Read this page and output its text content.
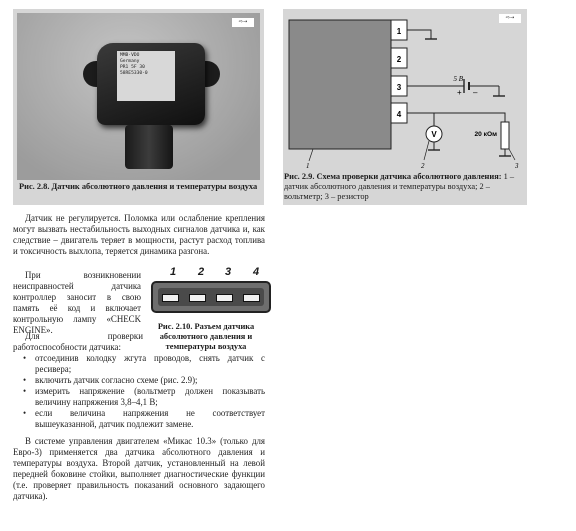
MMB·VDO
Germany
PR1 5F 30
58RE5330-0
⇨→
Рис. 2.8. Датчик абсолютного давления и температуры воздуха
1
2
3
4
5 В
+ –
V	20 кОм
1	2	3
⇨→
Рис. 2.9. Схема проверки датчика абсолютного давления: 1 – датчик абсолютного давления и температуры воздуха; 2 – вольтметр; 3 – резистор
Датчик не регулируется. Поломка или ослабление крепления могут вызвать нестабильность выходных сигналов датчика и, как следствие – двигатель теряет в мощности, растут расход топлива и токсичность выхлопа, теряется динамика разгона.
При возникновении неисправностей датчика контроллер заносит в свою память её код и включает контрольную лампу «CHECK ENGINE».
Для проверки работоспособности датчика:
• отсоединив колодку жгута проводов, снять датчик с ресивера;
• включить датчик согласно схеме (рис. 2.9);
• измерить напряжение (вольтметр должен показывать величину напряжения 3,8–4,1 В;
• если величина напряжения не соответствует вышеуказанной, датчик подлежит замене.
В системе управления двигателем «Микас 10.3» (только для Евро-3) применяется два датчика абсолютного давления и температуры воздуха. Второй датчик, установленный на левой передней боковине стойки, выполняет диагностические функции (т.е. проверяет правильность показаний основного задающего датчика).
1 2 3 4
Рис. 2.10. Разъем датчика абсолютного давления и температуры воздуха
